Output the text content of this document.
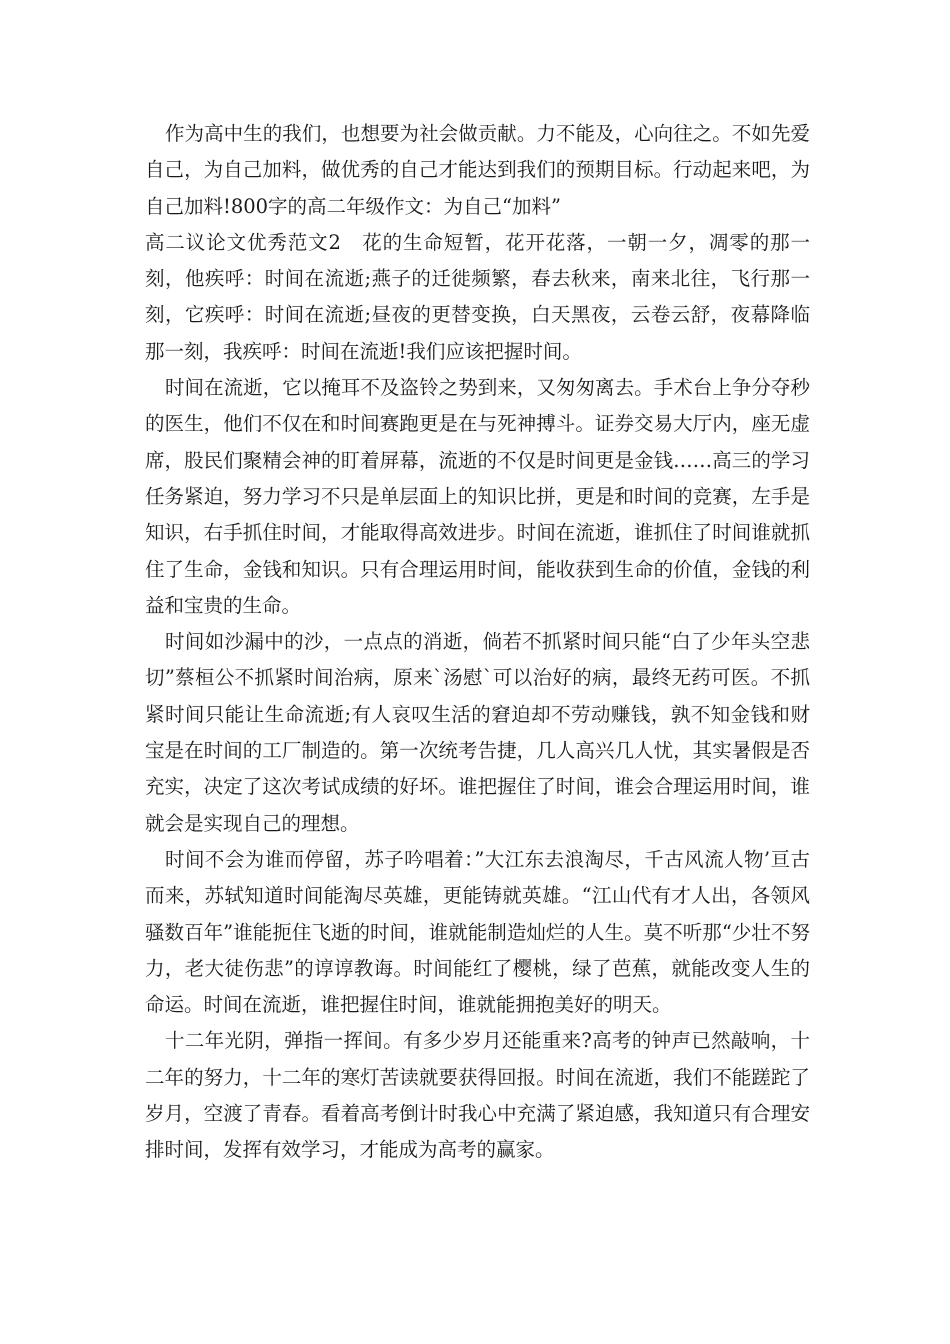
作为高中生的我们，也想要为社会做贡献。力不能及，心向往之。不如先爱自己，为自己加料，做优秀的自己才能达到我们的预期目标。行动起来吧，为自己加料!800字的高二年级作文：为自己“加料”

高二议论文优秀范文2　花的生命短暂，花开花落，一朝一夕，凋零的那一刻，他疾呼：时间在流逝;燕子的迁徙频繁，春去秋来，南来北往，飞行那一刻，它疾呼：时间在流逝;昼夜的更替变换，白天黑夜，云卷云舒，夜幕降临那一刻，我疾呼：时间在流逝!我们应该把握时间。

时间在流逝，它以掩耳不及盗铃之势到来，又匆匆离去。手术台上争分夺秒的医生，他们不仅在和时间赛跑更是在与死神搏斗。证券交易大厅内，座无虚席，股民们聚精会神的盯着屏幕，流逝的不仅是时间更是金钱……高三的学习任务紧迫，努力学习不只是单层面上的知识比拼，更是和时间的竞赛，左手是知识，右手抓住时间，才能取得高效进步。时间在流逝，谁抓住了时间谁就抓住了生命，金钱和知识。只有合理运用时间，能收获到生命的价值，金钱的利益和宝贵的生命。

时间如沙漏中的沙，一点点的消逝，倘若不抓紧时间只能“白了少年头空悲切”蔡桓公不抓紧时间治病，原来`汤慰`可以治好的病，最终无药可医。不抓紧时间只能让生命流逝;有人哀叹生活的窘迫却不劳动赚钱，孰不知金钱和财宝是在时间的工厂制造的。第一次统考告捷，几人高兴几人忧，其实暑假是否充实，决定了这次考试成绩的好坏。谁把握住了时间，谁会合理运用时间，谁就会是实现自己的理想。

时间不会为谁而停留，苏子吟唱着：”大江东去浪淘尽，千古风流人物’亘古而来，苏轼知道时间能淘尽英雄，更能铸就英雄。“江山代有才人出，各领风骚数百年”谁能扼住飞逝的时间，谁就能制造灿烂的人生。莫不听那“少壮不努力，老大徒伤悲”的谆谆教诲。时间能红了樱桃，绿了芭蕉，就能改变人生的命运。时间在流逝，谁把握住时间，谁就能拥抱美好的明天。

十二年光阴，弹指一挥间。有多少岁月还能重来?高考的钟声已然敲响，十二年的努力，十二年的寒灯苦读就要获得回报。时间在流逝，我们不能蹉跎了岁月，空渡了青春。看着高考倒计时我心中充满了紧迫感，我知道只有合理安排时间，发挥有效学习，才能成为高考的赢家。
